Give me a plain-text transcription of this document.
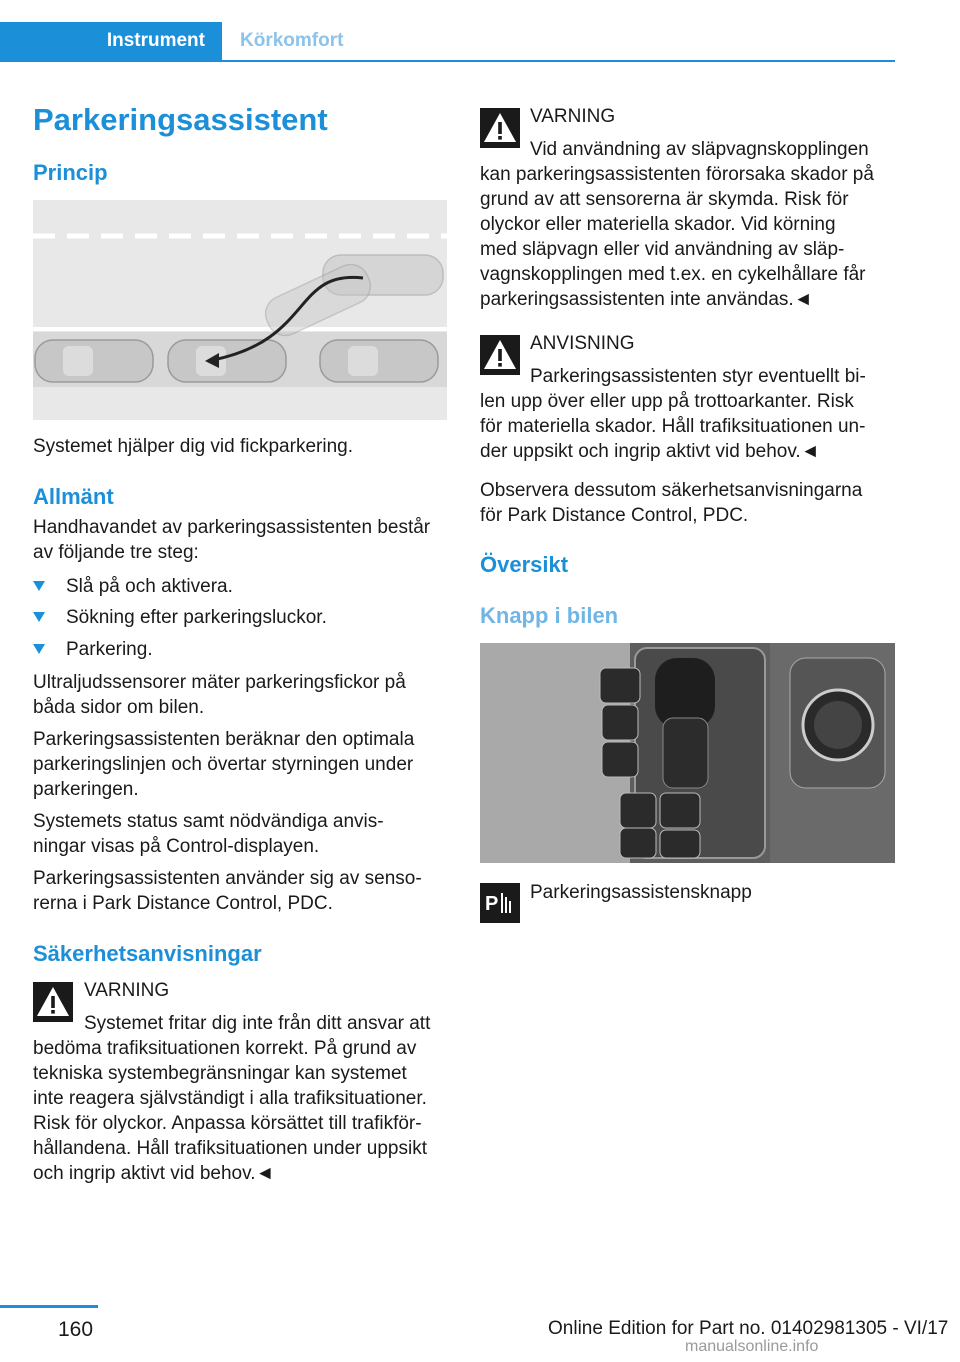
Instrument	Körkomfort
Parkeringsassistent
Princip

Systemet hjälper dig vid fickparkering.

Allmänt

Handhavandet av parkeringsassistenten består

av följande tre steg:

Slå på och aktivera.
Sökning efter parkeringsluckor.
Parkering.

Ultraljudssensorer mäter parkeringsfickor på

båda sidor om bilen.

Parkeringsassistenten beräknar den optimala

parkeringslinjen och övertar styrningen under

parkeringen.

Systemets status samt nödvändiga anvis‐

ningar visas på Control-displayen.

Parkeringsassistenten använder sig av senso‐

rerna i Park Distance Control, PDC.

Säkerhetsanvisningar
VARNING

Systemet fritar dig inte från ditt ansvar att

bedöma trafiksituationen korrekt. På grund av

tekniska systembegränsningar kan systemet

inte reagera självständigt i alla trafiksituationer.

Risk för olyckor. Anpassa körsättet till trafikför‐

hållandena. Håll trafiksituationen under uppsikt

och ingrip aktivt vid behov.◄

VARNING

Vid användning av släpvagnskopplingen

kan parkeringsassistenten förorsaka skador på

grund av att sensorerna är skymda. Risk för

olyckor eller materiella skador. Vid körning

med släpvagn eller vid användning av släp‐

vagnskopplingen med t.ex. en cykelhållare får

parkeringsassistenten inte användas.◄

ANVISNING

Parkeringsassistenten styr eventuellt bi‐

len upp över eller upp på trottoarkanter. Risk

för materiella skador. Håll trafiksituationen un‐

der uppsikt och ingrip aktivt vid behov.◄

Observera dessutom säkerhetsanvisningarna

för Park Distance Control, PDC.

Översikt
Knapp i bilen
P
Parkeringsassistensknapp
160	Online Edition for Part no. 01402981305 - VI/17
manualsonline.info
